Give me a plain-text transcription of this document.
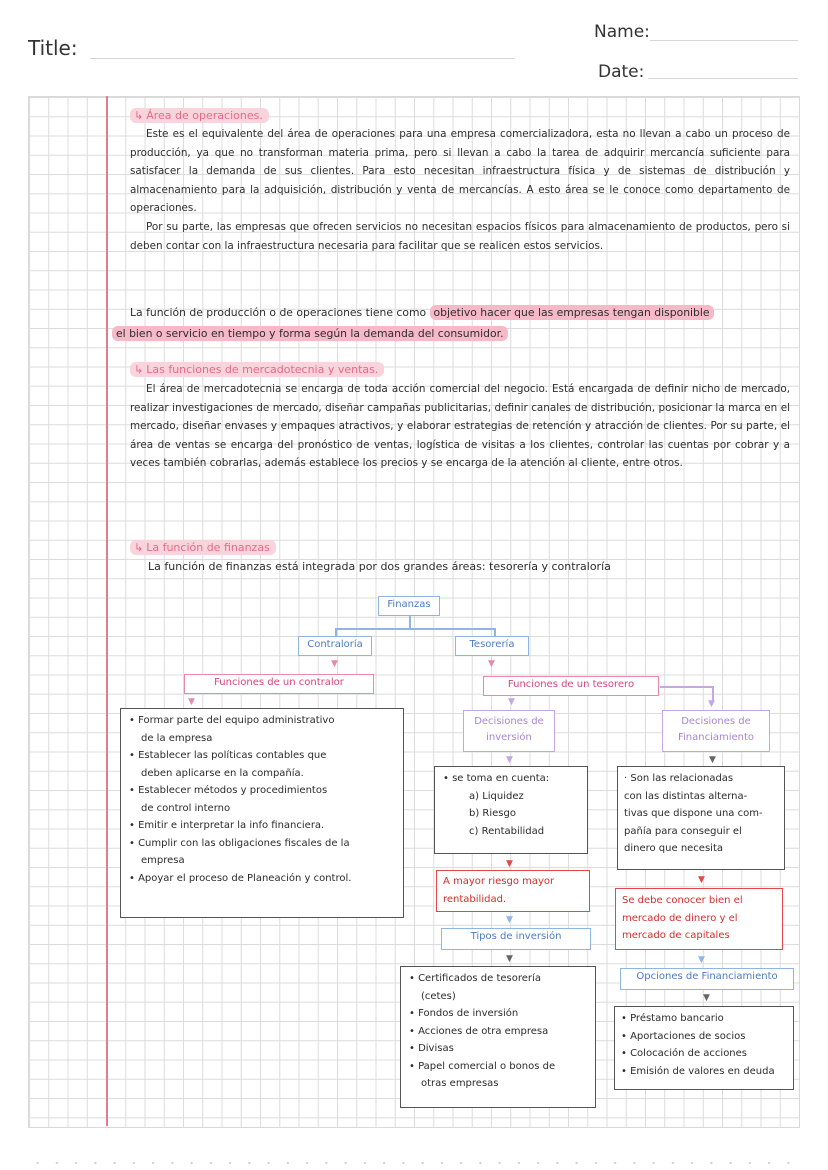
Title:
Name:
Date:
↳ Área de operaciones.

Este es el equivalente del área de operaciones para una empresa comercializadora, esta no llevan a cabo un proceso de producción, ya que no transforman materia prima, pero si llevan a cabo la tarea de adquirir mercancía suficiente para satisfacer la demanda de sus clientes. Para esto necesitan infraestructura física y de sistemas de distribución y almacenamiento para la adquisición, distribución y venta de mercancías. A esto área se le conoce como departamento de operaciones.

Por su parte, las empresas que ofrecen servicios no necesitan espacios físicos para almacenamiento de productos, pero si deben contar con la infraestructura necesaria para facilitar que se realicen estos servicios.

La función de producción o de operaciones tiene como objetivo hacer que las empresas tengan disponible
el bien o servicio en tiempo y forma según la demanda del consumidor.
↳ Las funciones de mercadotecnia y ventas.

El área de mercadotecnia se encarga de toda acción comercial del negocio. Está encargada de definir nicho de mercado, realizar investigaciones de mercado, diseñar campañas publicitarias, definir canales de distribución, posicionar la marca en el mercado, diseñar envases y empaques atractivos, y elaborar estrategias de retención y atracción de clientes. Por su parte, el área de ventas se encarga del pronóstico de ventas, logística de visitas a los clientes, controlar las cuentas por cobrar y a veces también cobrarlas, además establece los precios y se encarga de la atención al cliente, entre otros.

↳ La función de finanzas
La función de finanzas está integrada por dos grandes áreas: tesorería y contraloría
Finanzas
Contraloría	Tesorería
▼	▼
Funciones de un contralor	Funciones de un tesorero
▼
• Formar parte del equipo administrativo
de la empresa
• Establecer las políticas contables que
deben aplicarse en la compañía.
• Establecer métodos y procedimientos
de control interno
• Emitir e interpretar la info financiera.
• Cumplir con las obligaciones fiscales de la
empresa
• Apoyar el proceso de Planeación y control.
▼	▼
Decisiones de
inversión
Decisiones de
Financiamiento
▼	▼
• se toma en cuenta:
a) Liquidez
b) Riesgo
c) Rentabilidad
· Son las relacionadas
con las distintas alterna-
tivas que dispone una com-
pañía para conseguir el
dinero que necesita
▼
▼
A mayor riesgo mayor
rentabilidad.	Se debe conocer bien el
mercado de dinero y el
mercado de capitales
▼
▼
Tipos de inversión
Opciones de Financiamiento
▼
▼
• Certificados de tesorería
(cetes)
• Fondos de inversión
• Acciones de otra empresa
• Divisas
• Papel comercial o bonos de
otras empresas
• Préstamo bancario
• Aportaciones de socios
• Colocación de acciones
• Emisión de valores en deuda
